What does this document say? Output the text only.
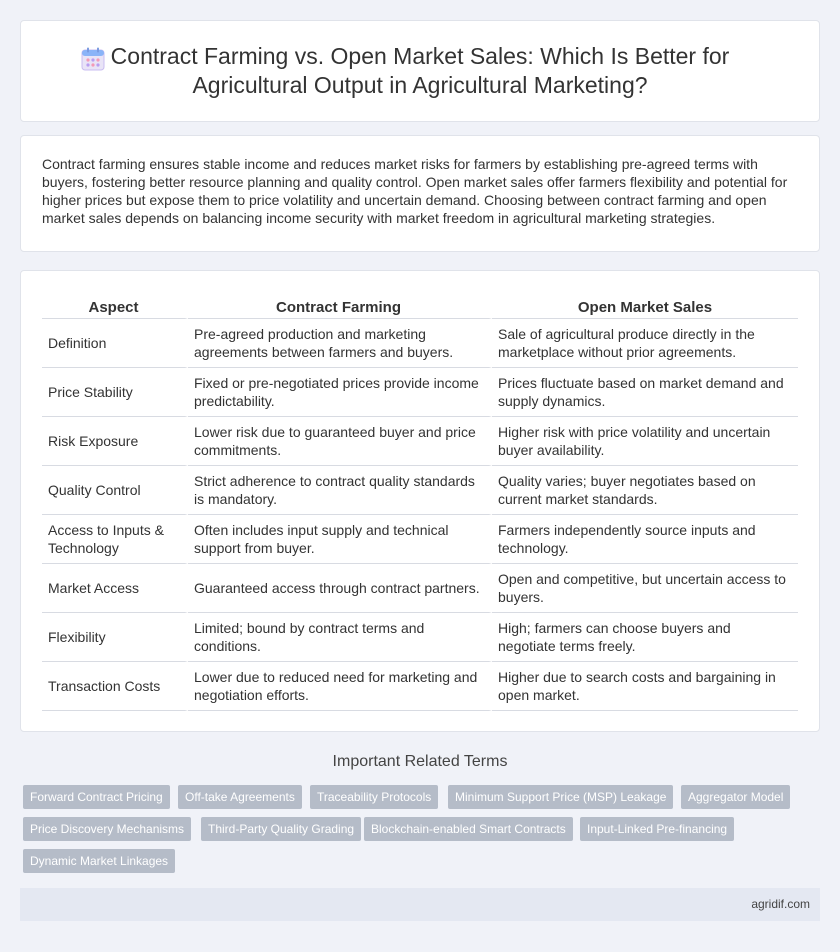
Contract Farming vs. Open Market Sales: Which Is Better for Agricultural Output in Agricultural Marketing?

Contract farming ensures stable income and reduces market risks for farmers by establishing pre-agreed terms with buyers, fostering better resource planning and quality control. Open market sales offer farmers flexibility and potential for higher prices but expose them to price volatility and uncertain demand. Choosing between contract farming and open market sales depends on balancing income security with market freedom in agricultural marketing strategies.

Aspect	Contract Farming	Open Market Sales
Definition	Pre-agreed production and marketing agreements between farmers and buyers.	Sale of agricultural produce directly in the marketplace without prior agreements.
Price Stability	Fixed or pre-negotiated prices provide income predictability.	Prices fluctuate based on market demand and supply dynamics.
Risk Exposure	Lower risk due to guaranteed buyer and price commitments.	Higher risk with price volatility and uncertain buyer availability.
Quality Control	Strict adherence to contract quality standards is mandatory.	Quality varies; buyer negotiates based on current market standards.
Access to Inputs & Technology	Often includes input supply and technical support from buyer.	Farmers independently source inputs and technology.
Market Access	Guaranteed access through contract partners.	Open and competitive, but uncertain access to buyers.
Flexibility	Limited; bound by contract terms and conditions.	High; farmers can choose buyers and negotiate terms freely.
Transaction Costs	Lower due to reduced need for marketing and negotiation efforts.	Higher due to search costs and bargaining in open market.
Important Related Terms
Forward Contract Pricing	Off-take Agreements	Traceability Protocols	Minimum Support Price (MSP) Leakage	Aggregator Model
Price Discovery Mechanisms	Third-Party Quality Grading	Blockchain-enabled Smart Contracts	Input-Linked Pre-financing
Dynamic Market Linkages
agridif.com
